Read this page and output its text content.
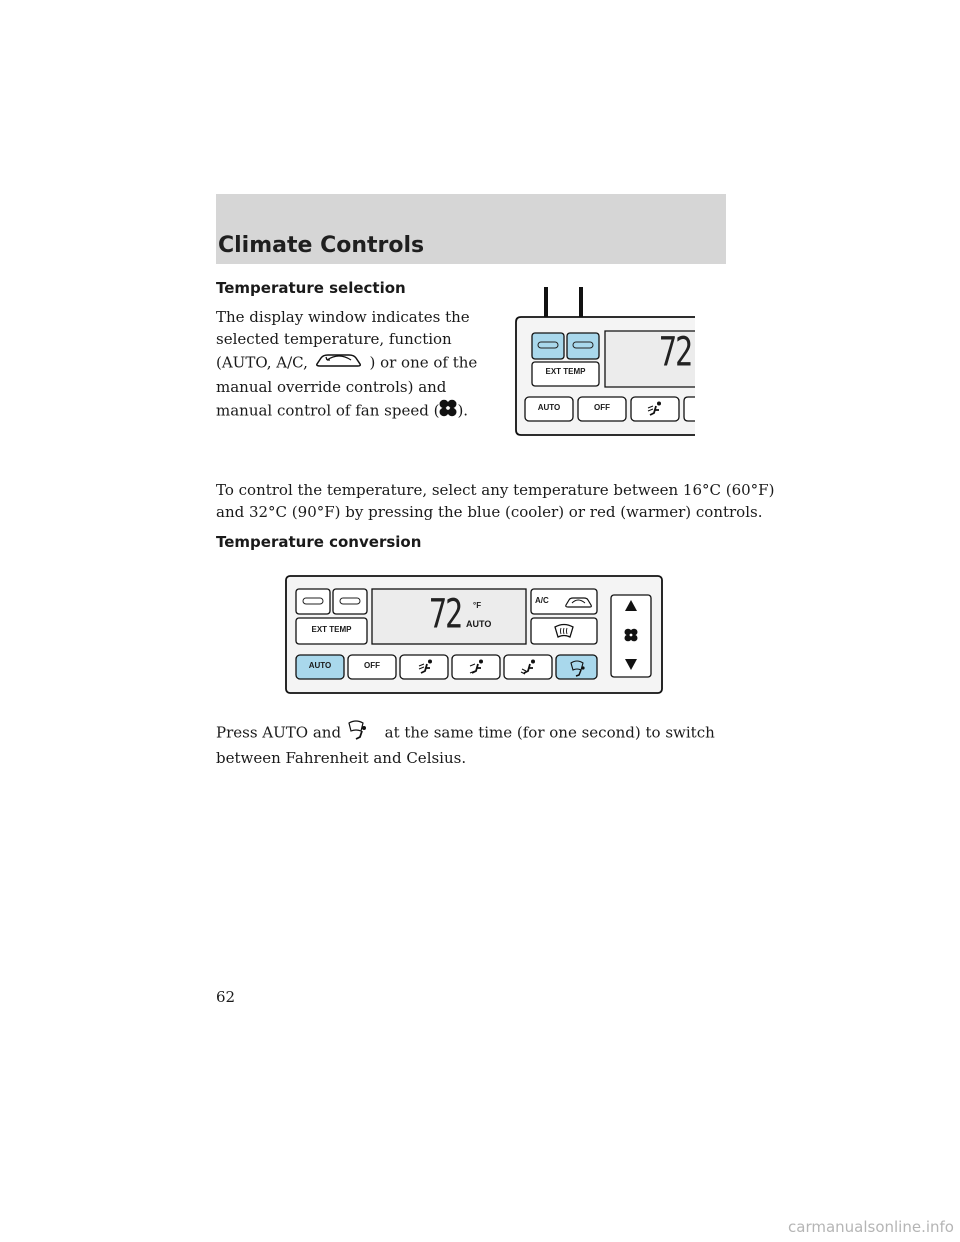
Climate Controls
Temperature selection
The display window indicates the
selected temperature, function
(AUTO, A/C,	) or one of the
manual override controls) and
manual control of fan speed ( ).
72
EXT TEMP
AUTO	OFF
To control the temperature, select any temperature between 16°C (60°F)
and 32°C (90°F) by pressing the blue (cooler) or red (warmer) controls.
Temperature conversion
72	°F
AUTO
A/C
EXT TEMP
AUTO	OFF
Press AUTO and	at the same time (for one second) to switch
between Fahrenheit and Celsius.
62
carmanualsonline.info
